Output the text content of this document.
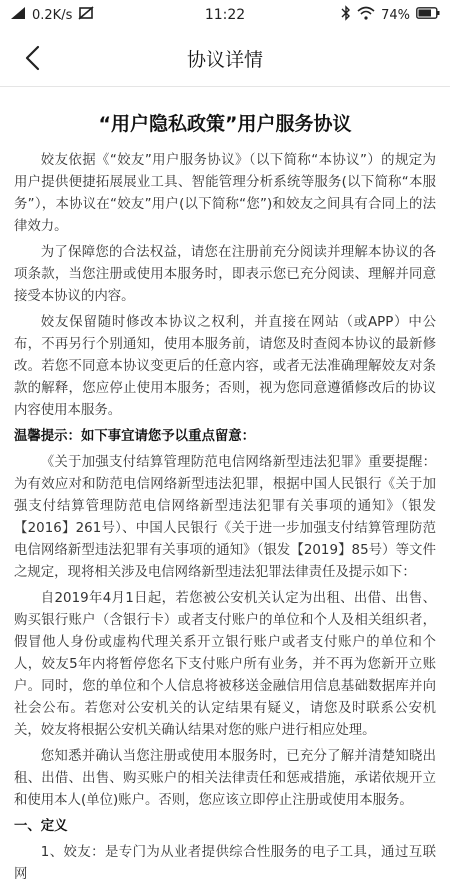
0.2K/s	11:22	74%
协议详情
“用户隐私政策”用户服务协议

姣友依据《“姣友”用户服务协议》（以下简称“本协议”）的规定为用户提供便捷拓展展业工具、智能管理分析系统等服务(以下简称“本服务”），本协议在“姣友”用户(以下简称“您”)和姣友之间具有合同上的法律效力。

为了保障您的合法权益，请您在注册前充分阅读并理解本协议的各项条款，当您注册或使用本服务时，即表示您已充分阅读、理解并同意接受本协议的内容。

姣友保留随时修改本协议之权利，并直接在网站（或APP）中公布，不再另行个别通知，使用本服务前，请您及时查阅本协议的最新修改。若您不同意本协议变更后的任意内容，或者无法准确理解姣友对条款的解释，您应停止使用本服务；否则，视为您同意遵循修改后的协议内容使用本服务。

温馨提示：如下事宜请您予以重点留意：

《关于加强支付结算管理防范电信网络新型违法犯罪》重要提醒：为有效应对和防范电信网络新型违法犯罪，根据中国人民银行《关于加强支付结算管理防范电信网络新型违法犯罪有关事项的通知》（银发【2016】261号）、中国人民银行《关于进一步加强支付结算管理防范电信网络新型违法犯罪有关事项的通知》（银发【2019】85号）等文件之规定，现将相关涉及电信网络新型违法犯罪法律责任及提示如下：

自2019年4月1日起，若您被公安机关认定为出租、出借、出售、购买银行账户（含银行卡）或者支付账户的单位和个人及相关组织者，假冒他人身份或虚构代理关系开立银行账户或者支付账户的单位和个人，姣友5年内将暂停您名下支付账户所有业务，并不再为您新开立账户。同时，您的单位和个人信息将被移送金融信用信息基础数据库并向社会公布。若您对公安机关的认定结果有疑义，请您及时联系公安机关，姣友将根据公安机关确认结果对您的账户进行相应处理。

您知悉并确认当您注册或使用本服务时，已充分了解并清楚知晓出租、出借、出售、购买账户的相关法律责任和惩戒措施，承诺依规开立和使用本人(单位)账户。否则，您应该立即停止注册或使用本服务。

一、定义

1、姣友：是专门为从业者提供综合性服务的电子工具，通过互联网
